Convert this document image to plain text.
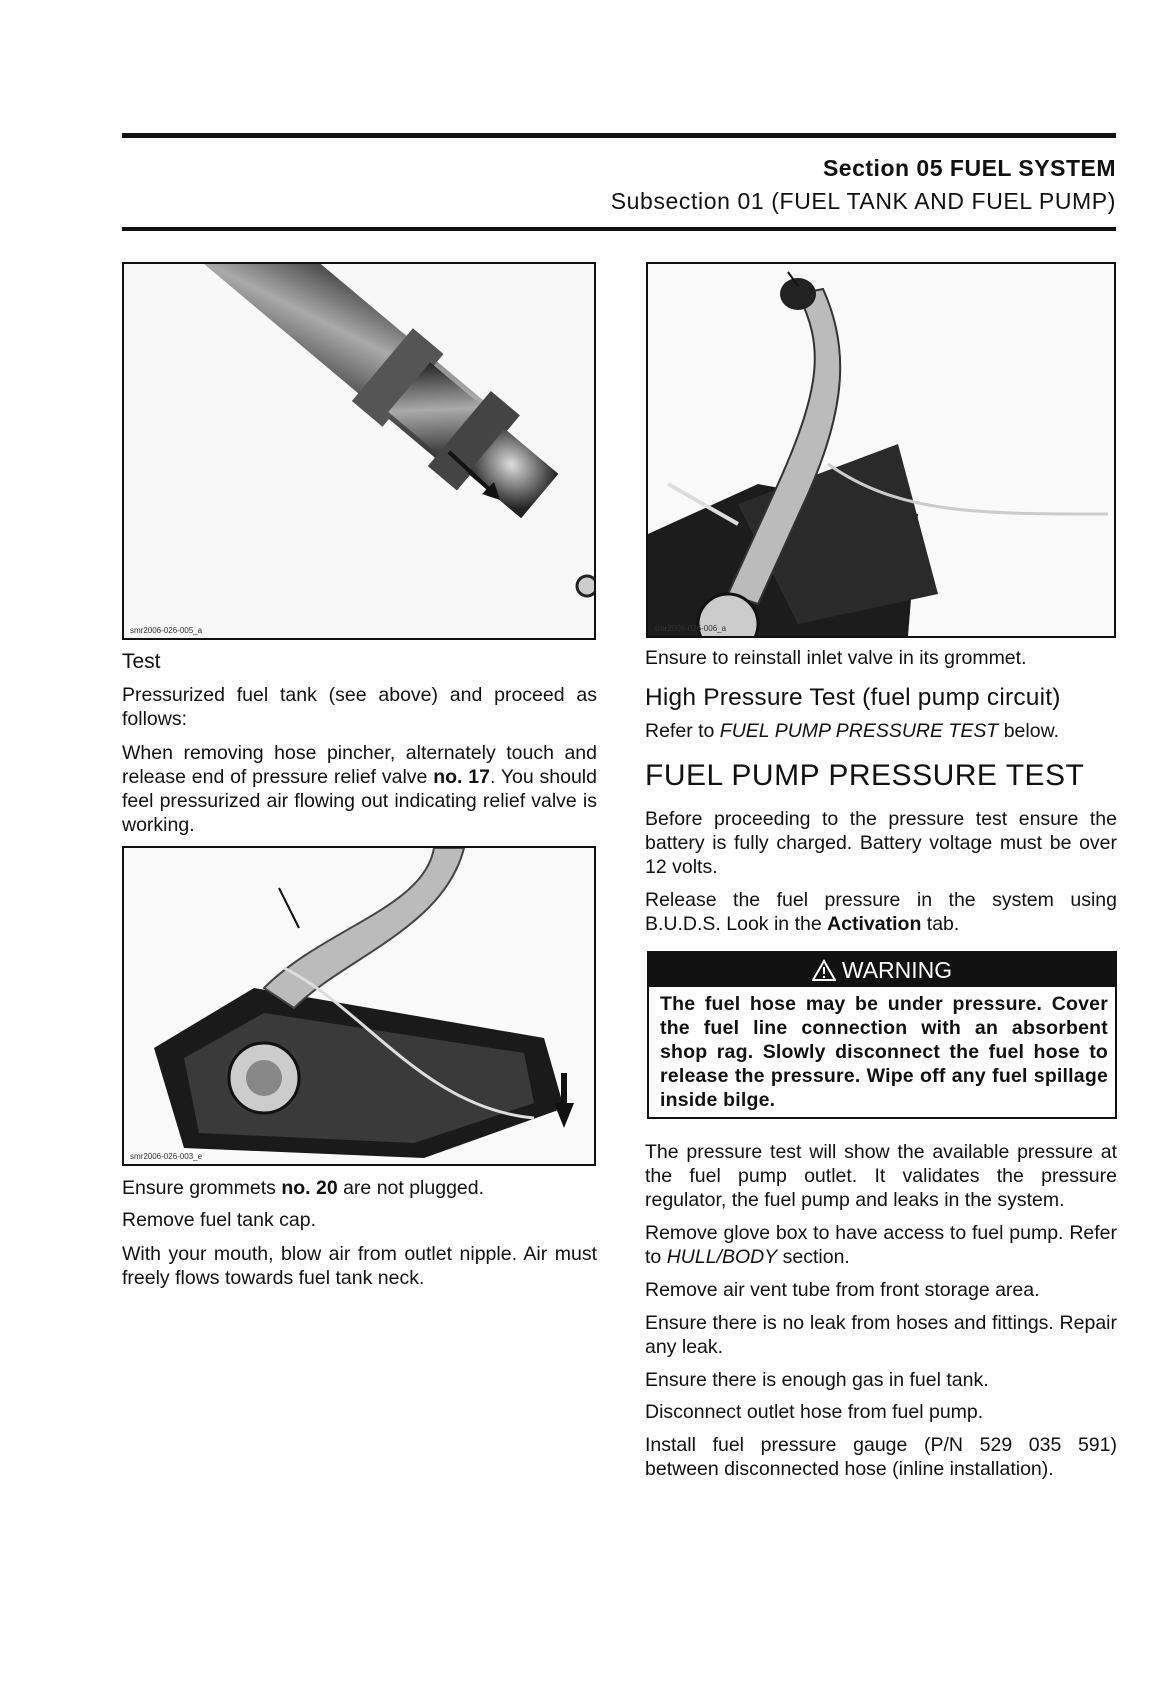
Section 05 FUEL SYSTEM
Subsection 01 (FUEL TANK AND FUEL PUMP)
smr2006-026-005_a

Test

Pressurized fuel tank (see above) and proceed as follows:

When removing hose pincher, alternately touch and release end of pressure relief valve no. 17. You should feel pressurized air flowing out indicating relief valve is working.

smr2006-026-003_e

Ensure grommets no. 20 are not plugged.

Remove fuel tank cap.

With your mouth, blow air from outlet nipple. Air must freely flows towards fuel tank neck.

smr2006-026-006_a

Ensure to reinstall inlet valve in its grommet.

High Pressure Test (fuel pump circuit)

Refer to FUEL PUMP PRESSURE TEST below.

FUEL PUMP PRESSURE TEST

Before proceeding to the pressure test ensure the battery is fully charged. Battery voltage must be over 12 volts.

Release the fuel pressure in the system using B.U.D.S. Look in the Activation tab.

WARNING
The fuel hose may be under pressure. Cover the fuel line connection with an absorbent shop rag. Slowly disconnect the fuel hose to release the pressure. Wipe off any fuel spillage inside bilge.

The pressure test will show the available pressure at the fuel pump outlet. It validates the pressure regulator, the fuel pump and leaks in the system.

Remove glove box to have access to fuel pump. Refer to HULL/BODY section.

Remove air vent tube from front storage area.

Ensure there is no leak from hoses and fittings. Repair any leak.

Ensure there is enough gas in fuel tank.

Disconnect outlet hose from fuel pump.

Install fuel pressure gauge (P/N 529 035 591) between disconnected hose (inline installation).
